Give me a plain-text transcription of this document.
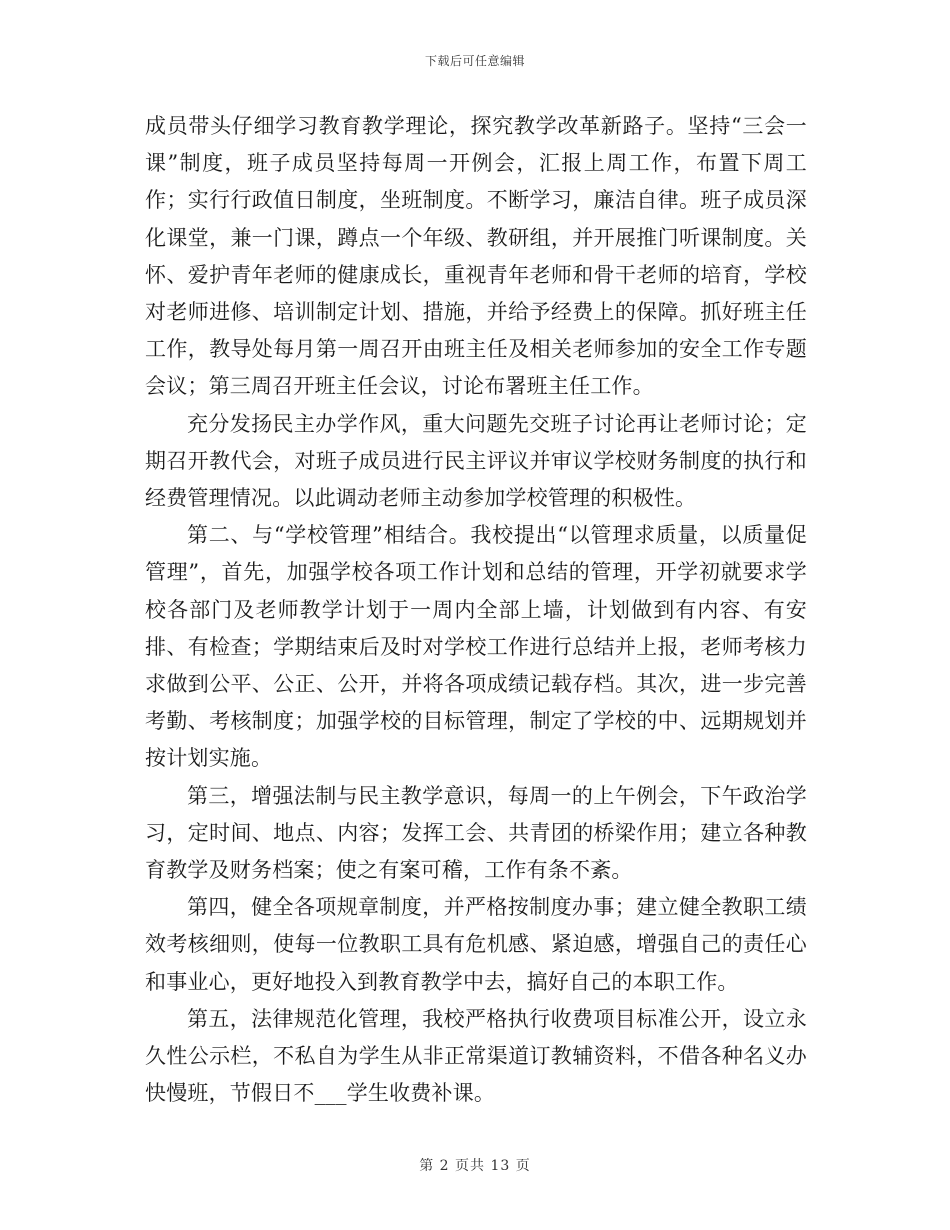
下载后可任意编辑

成员带头仔细学习教育教学理论，探究教学改革新路子。坚持“三会一课”制度，班子成员坚持每周一开例会，汇报上周工作，布置下周工作；实行行政值日制度，坐班制度。不断学习，廉洁自律。班子成员深化课堂，兼一门课，蹲点一个年级、教研组，并开展推门听课制度。关怀、爱护青年老师的健康成长，重视青年老师和骨干老师的培育，学校对老师进修、培训制定计划、措施，并给予经费上的保障。抓好班主任工作，教导处每月第一周召开由班主任及相关老师参加的安全工作专题会议；第三周召开班主任会议，讨论布署班主任工作。

充分发扬民主办学作风，重大问题先交班子讨论再让老师讨论；定期召开教代会，对班子成员进行民主评议并审议学校财务制度的执行和经费管理情况。以此调动老师主动参加学校管理的积极性。

第二、与“学校管理”相结合。我校提出“以管理求质量，以质量促管理”，首先，加强学校各项工作计划和总结的管理，开学初就要求学校各部门及老师教学计划于一周内全部上墙，计划做到有内容、有安排、有检查；学期结束后及时对学校工作进行总结并上报，老师考核力求做到公平、公正、公开，并将各项成绩记载存档。其次，进一步完善考勤、考核制度；加强学校的目标管理，制定了学校的中、远期规划并按计划实施。

第三，增强法制与民主教学意识，每周一的上午例会，下午政治学习，定时间、地点、内容；发挥工会、共青团的桥梁作用；建立各种教育教学及财务档案；使之有案可稽，工作有条不紊。

第四，健全各项规章制度，并严格按制度办事；建立健全教职工绩效考核细则，使每一位教职工具有危机感、紧迫感，增强自己的责任心和事业心，更好地投入到教育教学中去，搞好自己的本职工作。

第五，法律规范化管理，我校严格执行收费项目标准公开，设立永久性公示栏，不私自为学生从非正常渠道订教辅资料，不借各种名义办快慢班，节假日不___学生收费补课。

第 2 页共 13 页
